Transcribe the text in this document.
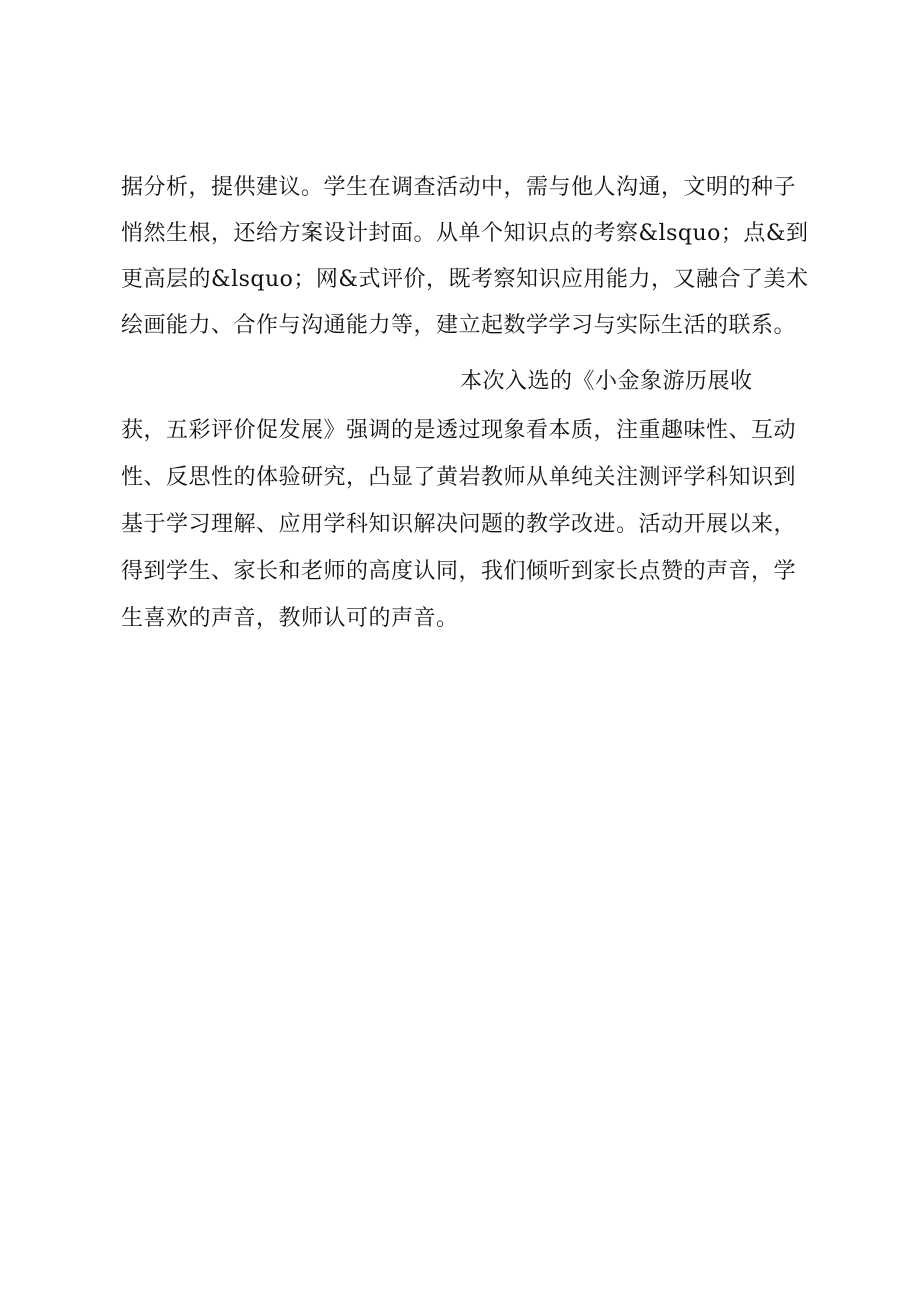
据分析，提供建议。学生在调查活动中，需与他人沟通，文明的种子
悄然生根，还给方案设计封面。从单个知识点的考察&lsquo；点&到
更高层的&lsquo；网&式评价，既考察知识应用能力，又融合了美术
绘画能力、合作与沟通能力等，建立起数学学习与实际生活的联系。
本次入选的《小金象游历展收
获，五彩评价促发展》强调的是透过现象看本质，注重趣味性、互动
性、反思性的体验研究，凸显了黄岩教师从单纯关注测评学科知识到
基于学习理解、应用学科知识解决问题的教学改进。活动开展以来，
得到学生、家长和老师的高度认同，我们倾听到家长点赞的声音，学
生喜欢的声音，教师认可的声音。
